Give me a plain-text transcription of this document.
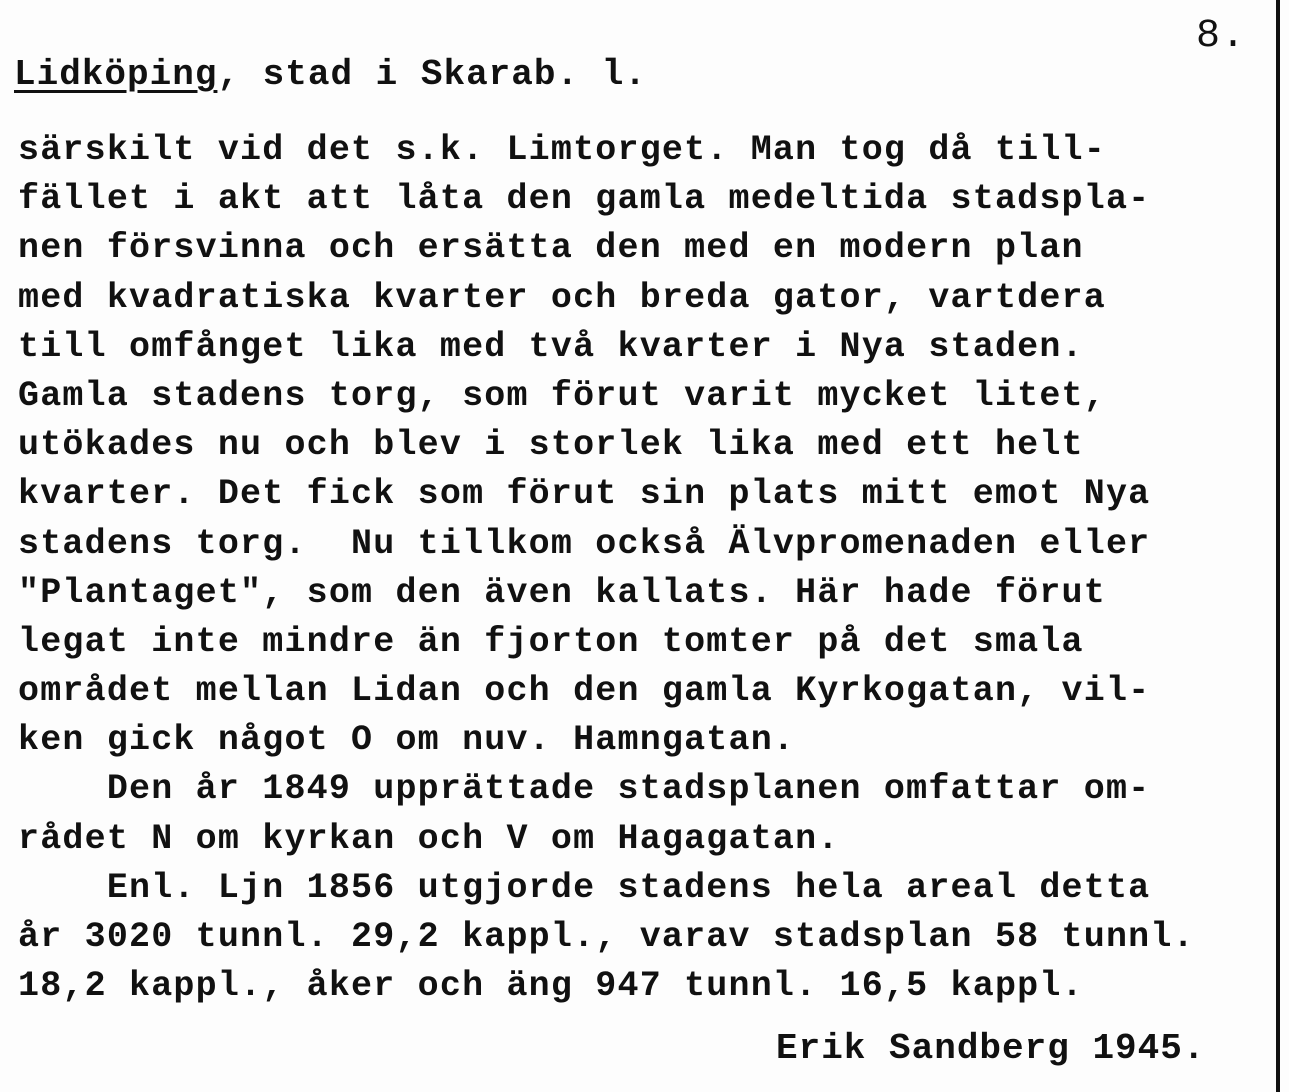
8.
Lidköping, stad i Skarab. l.
särskilt vid det s.k. Limtorget. Man tog då till-
fället i akt att låta den gamla medeltida stadspla-
nen försvinna och ersätta den med en modern plan
med kvadratiska kvarter och breda gator, vartdera
till omfånget lika med två kvarter i Nya staden.
Gamla stadens torg, som förut varit mycket litet,
utökades nu och blev i storlek lika med ett helt
kvarter. Det fick som förut sin plats mitt emot Nya
stadens torg.  Nu tillkom också Älvpromenaden eller
"Plantaget", som den även kallats. Här hade förut
legat inte mindre än fjorton tomter på det smala
området mellan Lidan och den gamla Kyrkogatan, vil-
ken gick något O om nuv. Hamngatan.
Den år 1849 upprättade stadsplanen omfattar om-
rådet N om kyrkan och V om Hagagatan.
Enl. Ljn 1856 utgjorde stadens hela areal detta
år 3020 tunnl. 29,2 kappl., varav stadsplan 58 tunnl.
18,2 kappl., åker och äng 947 tunnl. 16,5 kappl.
Erik Sandberg 1945.
